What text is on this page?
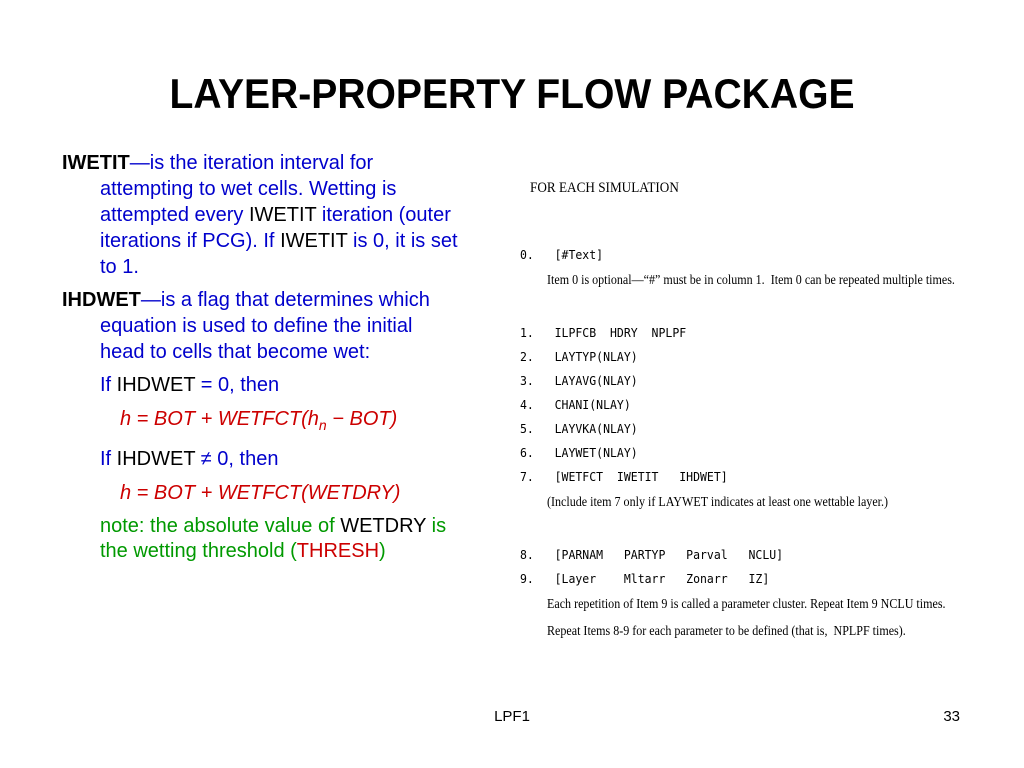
LAYER-PROPERTY FLOW PACKAGE
IWETIT—is the iteration interval for attempting to wet cells. Wetting is attempted every IWETIT iteration (outer iterations if PCG). If IWETIT is 0, it is set to 1.
IHDWET—is a flag that determines which equation is used to define the initial head to cells that become wet:
If IHDWET = 0, then
h = BOT + $WETFCT(h_n - BOT)$
If IHDWET ≠ 0, then
h = BOT + WETFCT(WETDRY)
note: the absolute value of WETDRY is the wetting threshold (THRESH)
FOR EACH SIMULATION
0.   [#Text]
Item 0 is optional—“#” must be in column 1.  Item 0 can be repeated multiple times.
1.   ILPFCB  HDRY  NPLPF
2.   LAYTYP(NLAY)
3.   LAYAVG(NLAY)
4.   CHANI(NLAY)
5.   LAYVKA(NLAY)
6.   LAYWET(NLAY)
7.   [WETFCT  IWETIT   IHDWET]
(Include item 7 only if LAYWET indicates at least one wettable layer.)
8.   [PARNAM   PARTYP   Parval   NCLU]
9.   [Layer    Mltarr   Zonarr   IZ]
Each repetition of Item 9 is called a parameter cluster. Repeat Item 9 NCLU times.
Repeat Items 8-9 for each parameter to be defined (that is,  NPLPF times).
LPF1	33
